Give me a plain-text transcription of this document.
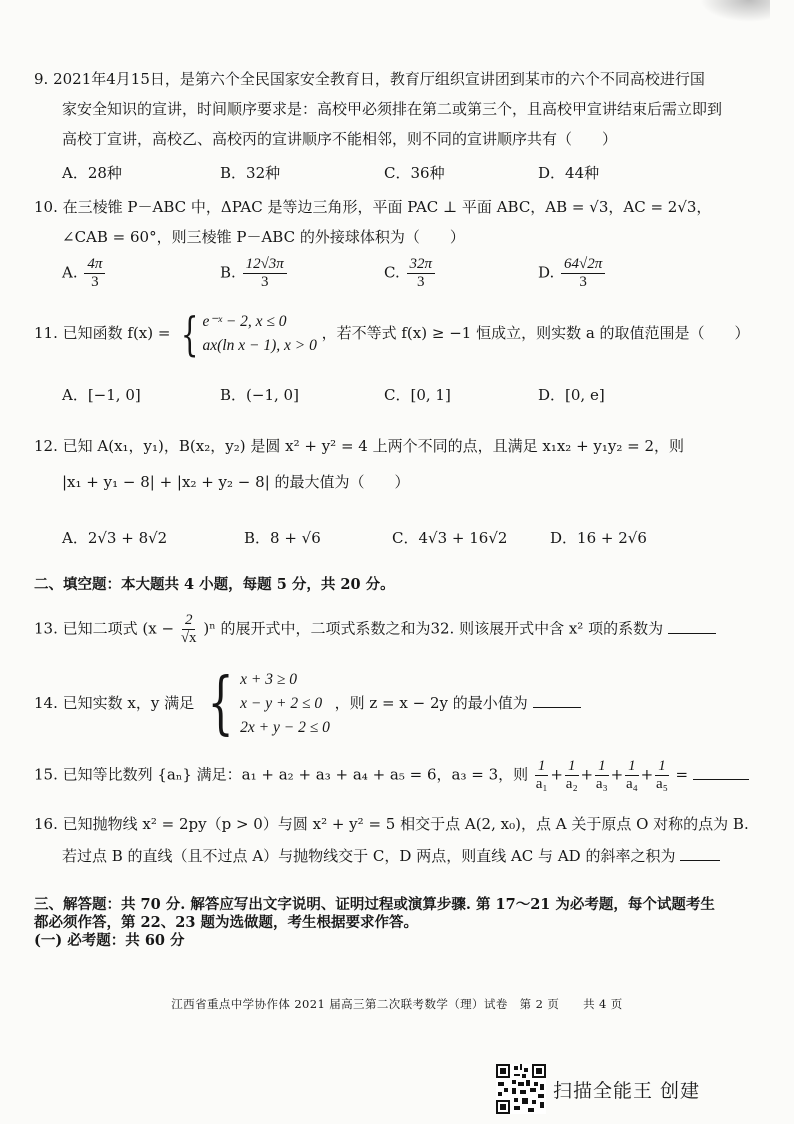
9. 2021年4月15日，是第六个全民国家安全教育日，教育厅组织宣讲团到某市的六个不同高校进行国
家安全知识的宣讲，时间顺序要求是：高校甲必须排在第二或第三个，且高校甲宣讲结束后需立即到
高校丁宣讲，高校乙、高校丙的宣讲顺序不能相邻，则不同的宣讲顺序共有（　　）
A．28种	B．32种	C．36种	D．44种
10. 在三棱锥 P－ABC 中，ΔPAC 是等边三角形，平面 PAC ⊥ 平面 ABC，AB = √3，AC = 2√3，
∠CAB = 60°，则三棱锥 P－ABC 的外接球体积为（　　）
A. $\frac{4\pi}{3}$	B. $\frac{12√3\pi}{3}$	C. $\frac{32\pi}{3}$	D. $\frac{64√2\pi}{3}$
11. 已知函数 f(x) = { e⁻ˣ − 2, x ≤ 0
ax(ln x − 1), x > 0
，若不等式 f(x) ≥ −1 恒成立，则实数 a 的取值范围是（　　）
A．[−1, 0]	B．(−1, 0]	C．[0, 1]	D．[0, e]
12. 已知 A(x₁，y₁)，B(x₂，y₂) 是圆 x² + y² = 4 上两个不同的点，且满足 x₁x₂ + y₁y₂ = 2，则
|x₁ + y₁ − 8| + |x₂ + y₂ − 8| 的最大值为（　　）
A．2√3 + 8√2	B．8 + √6	C．4√3 + 16√2	D．16 + 2√6
二、填空题：本大题共 4 小题，每题 5 分，共 20 分。
13. 已知二项式 $(x - \frac{2}{√x} )^n$ 的展开式中，二项式系数之和为32. 则该展开式中含 x² 项的系数为
14. 已知实数 x，y 满足 { x + 3 ≥ 0
x − y + 2 ≤ 0
2x + y − 2 ≤ 0
，则 z = x − 2y 的最小值为
15. 已知等比数列 {aₙ} 满足：a₁ + a₂ + a₃ + a₄ + a₅ = 6，a₃ = 3，则 $\frac{1}{\text{a₁}} + \frac{1}{\text{a₂}} + \frac{1}{\text{a₃}} + \frac{1}{\text{a₄}} + \frac{1}{\text{a₅}}$ =
16. 已知抛物线 x² = 2py（p > 0）与圆 x² + y² = 5 相交于点 A(2, x₀)，点 A 关于原点 O 对称的点为 B.
若过点 B 的直线（且不过点 A）与抛物线交于 C，D 两点，则直线 AC 与 AD 的斜率之积为
三、解答题：共 70 分. 解答应写出文字说明、证明过程或演算步骤. 第 17～21 为必考题，每个试题考生
都必须作答，第 22、23 题为选做题，考生根据要求作答。
(一) 必考题：共 60 分
江西省重点中学协作体 2021 届高三第二次联考数学（理）试卷　第 2 页　　共 4 页
扫描全能王 创建
